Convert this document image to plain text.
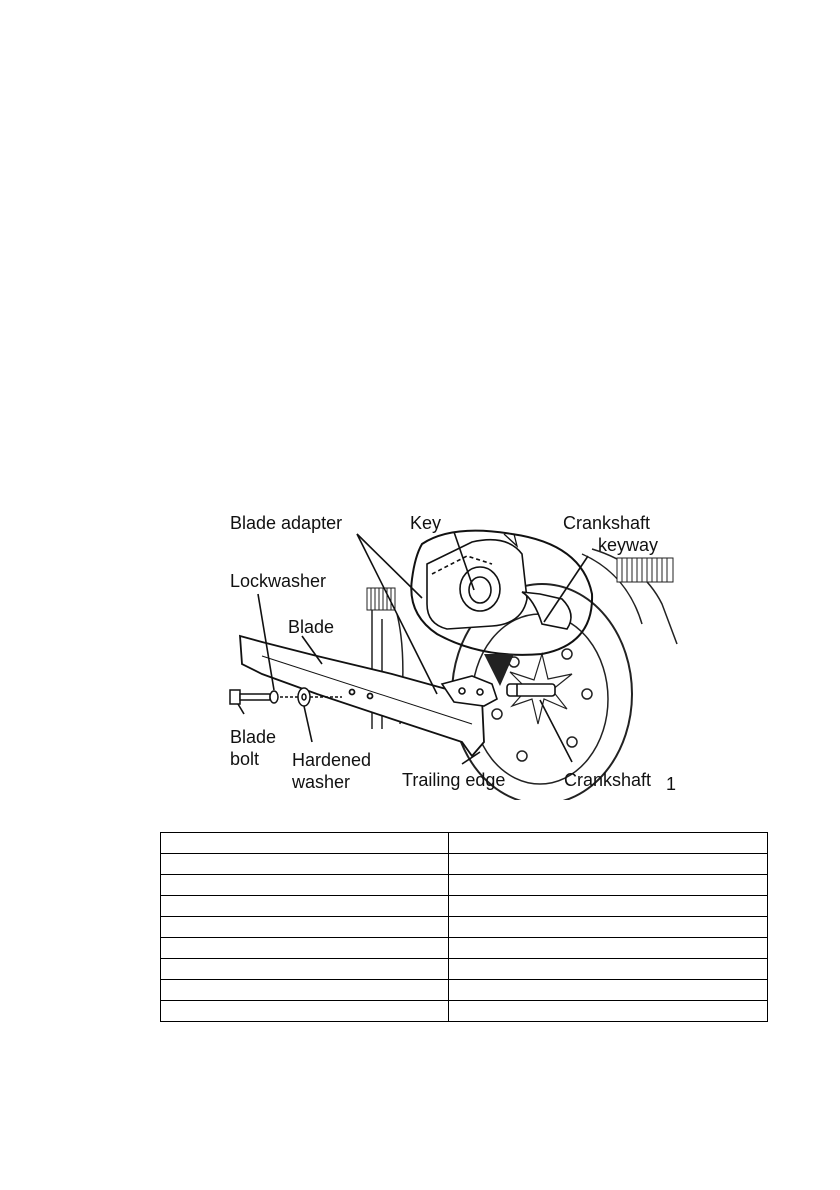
Blade adapter	Key	Crankshaft
keyway
Lockwasher
Blade
Blade
bolt Hardened
washer	Trailing edge	Crankshaft 1
